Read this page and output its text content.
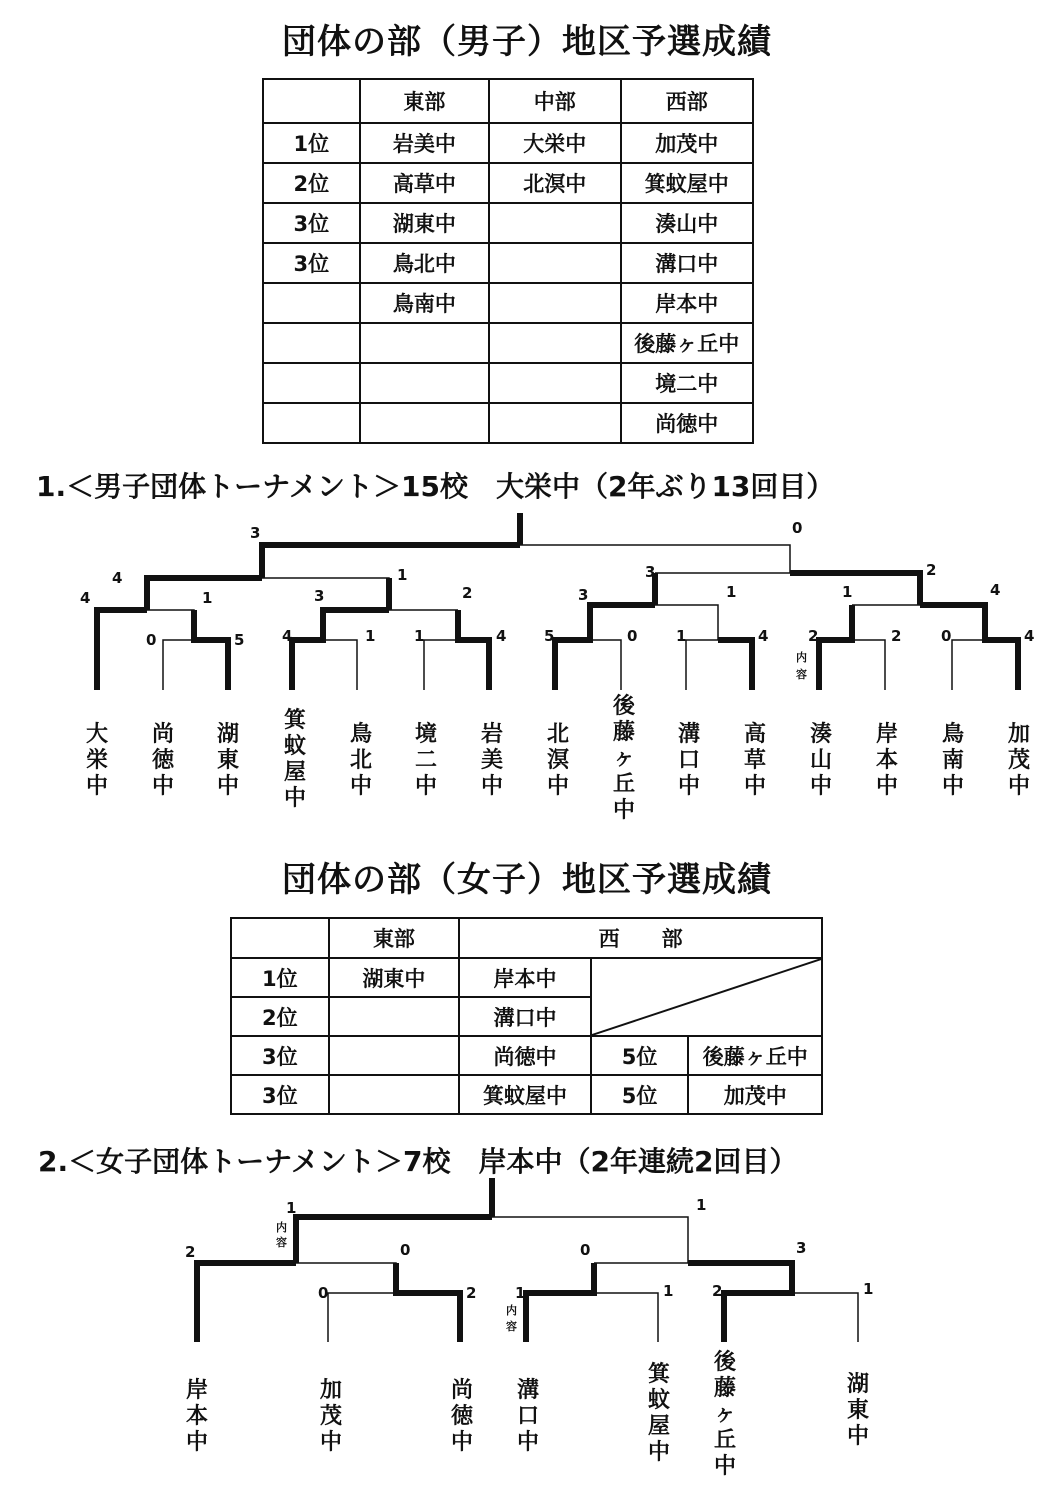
団体の部（男子）地区予選成績
	東部	中部	西部
1位	岩美中	大栄中	加茂中
2位	高草中	北溟中	箕蚊屋中
3位	湖東中		湊山中
3位	鳥北中		溝口中
	鳥南中		岸本中
			後藤ヶ丘中
			境二中
			尚徳中
1.＜男子団体トーナメント＞15校　大栄中（2年ぶり13回目）
4
0	5	4	1	1	4	5	0	1	4	2	2	0	4
4
1	3
1
3
2
3
1	1	4
3	0
2
内
容
大栄中
尚徳中
湖東中
箕蚊屋中
鳥北中
境二中
岩美中
北溟中
後藤ヶ丘中
溝口中
高草中
湊山中
岸本中
鳥南中
加茂中
団体の部（女子）地区予選成績
	東部	西　　部		
1位	湖東中	岸本中	

2位		溝口中		
3位		尚徳中	5位	後藤ヶ丘中
3位		箕蚊屋中	5位	加茂中
2.＜女子団体トーナメント＞7校　岸本中（2年連続2回目）
2
0	2	1	1	2	1
1
0	0	3
1
内
容
内
容
岸本中
加茂中
尚徳中
溝口中
箕蚊屋中
後藤ヶ丘中
湖東中
